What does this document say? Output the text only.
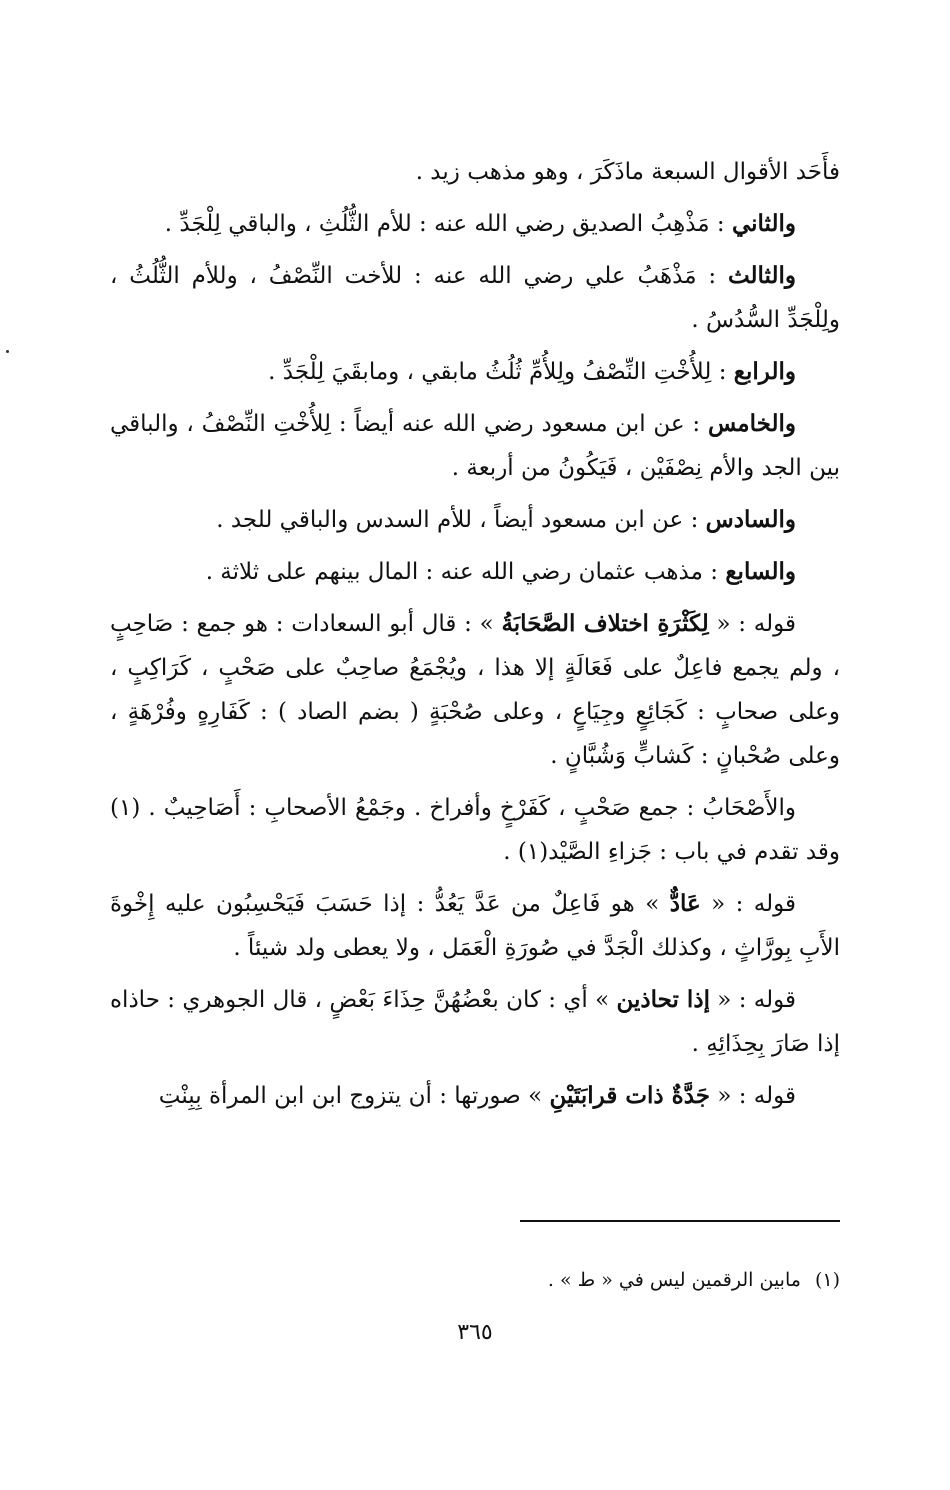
فأَحَد الأقوال السبعة ماذَكَرَ ، وهو مذهب زيد .

والثاني : مَذْهِبُ الصديق رضي الله عنه : للأم الثُّلُثِ ، والباقي لِلْجَدِّ .

والثالث : مَذْهَبُ علي رضي الله عنه : للأخت النِّصْفُ ، وللأم الثُّلُثُ ، ولِلْجَدِّ السُّدُسُ .

والرابع : لِلأُخْتِ النِّصْفُ ولِلأُمِّ ثُلُثُ مابقي ، ومابقَيَ لِلْجَدِّ .

والخامس : عن ابن مسعود رضي الله عنه أيضاً : لِلأُخْتِ النِّصْفُ ، والباقي بين الجد والأم نِصْفَيْن ، فَيَكُونُ من أربعة .

والسادس : عن ابن مسعود أيضاً ، للأم السدس والباقي للجد .

والسابع : مذهب عثمان رضي الله عنه : المال بينهم على ثلاثة .

قوله : « لِكَثْرَةِ اختلاف الصَّحَابَةُ » : قال أبو السعادات : هو جمع : صَاحِبٍ ، ولم يجمع فاعِلٌ على فَعَالَةٍ إلا هذا ، ويُجْمَعُ صاحِبٌ على صَحْبٍ ، كَرَاكِبٍ ، وعلى صحابٍ : كَجَائِعٍ وجِيَاعٍ ، وعلى صُحْبَةٍ ( بضم الصاد ) : كَفَارِهٍ وفُرْهَةٍ ، وعلى صُحْبانٍ : كَشابٍّ وَشُبَّانٍ .

والأَصْحَابُ : جمع صَحْبٍ ، كَفَرْخٍ وأفراخ . وجَمْعُ الأصحابِ : أَصَاحِيبٌ . (١) وقد تقدم في باب : جَزاءِ الصَّيْد(١) .

قوله : « عَادٌّ » هو فَاعِلٌ من عَدَّ يَعُدُّ : إذا حَسَبَ فَيَحْسِبُون عليه إِخْوةَ الأَبِ بِورَّاثٍ ، وكذلك الْجَدَّ في صُورَةِ الْعَمَل ، ولا يعطى ولد شيئاً .

قوله : « إذا تحاذين » أي : كان بعْضُهُنَّ حِذَاءَ بَعْضٍ ، قال الجوهري : حاذاه إذا صَارَ بِحِذَائِهِ .

قوله : « جَدَّةٌ ذات قرابَتَيْنِ » صورتها : أن يتزوج ابن ابن المرأة بِبِنْتِ

(١)مابين الرقمين ليس في « ط » .
٣٦٥
